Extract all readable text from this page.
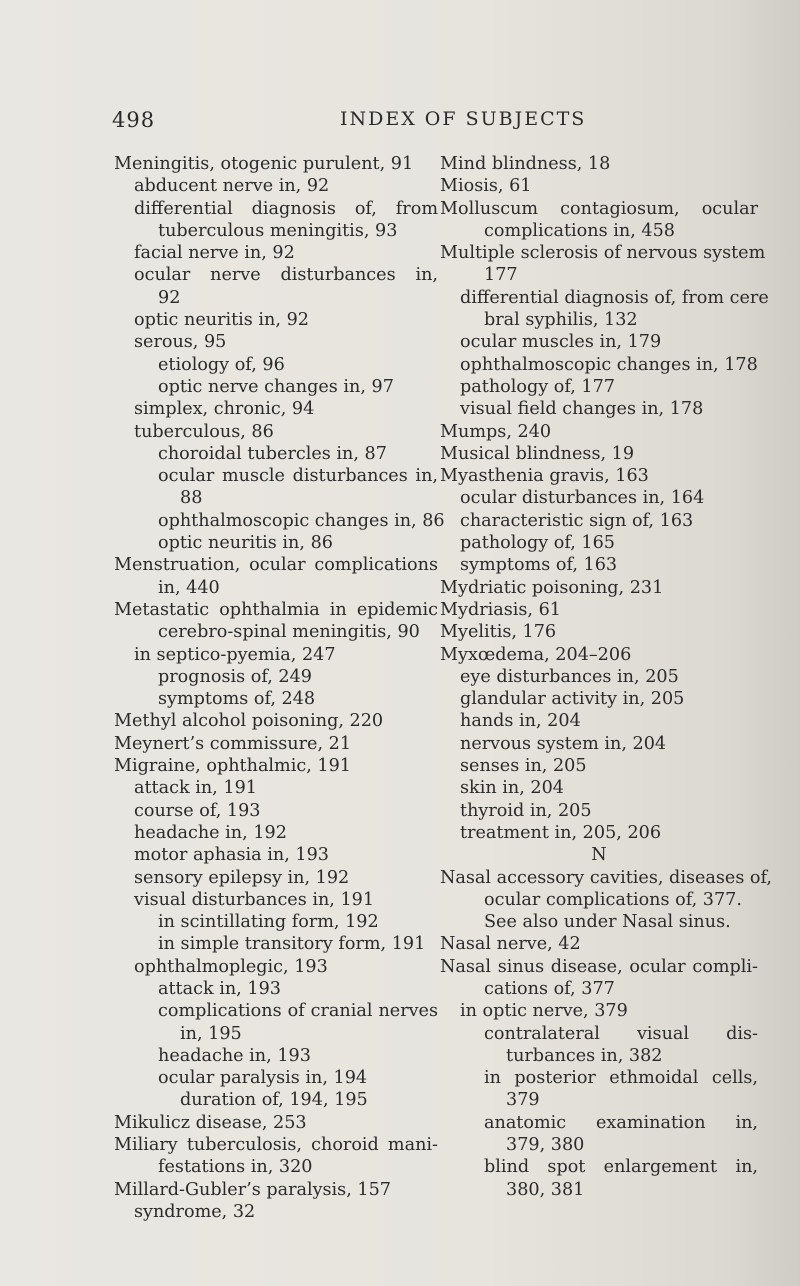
498	INDEX OF SUBJECTS
Meningitis, otogenic purulent, 91
abducent nerve in, 92
differential diagnosis of, from
tuberculous meningitis, 93
facial nerve in, 92
ocular nerve disturbances in,
92
optic neuritis in, 92
serous, 95
etiology of, 96
optic nerve changes in, 97
simplex, chronic, 94
tuberculous, 86
choroidal tubercles in, 87
ocular muscle disturbances in,
88
ophthalmoscopic changes in, 86
optic neuritis in, 86
Menstruation, ocular complications
in, 440
Metastatic ophthalmia in epidemic
cerebro-spinal meningitis, 90
in septico-pyemia, 247
prognosis of, 249
symptoms of, 248
Methyl alcohol poisoning, 220
Meynert’s commissure, 21
Migraine, ophthalmic, 191
attack in, 191
course of, 193
headache in, 192
motor aphasia in, 193
sensory epilepsy in, 192
visual disturbances in, 191
in scintillating form, 192
in simple transitory form, 191
ophthalmoplegic, 193
attack in, 193
complications of cranial nerves
in, 195
headache in, 193
ocular paralysis in, 194
duration of, 194, 195
Mikulicz disease, 253
Miliary tuberculosis, choroid mani-
festations in, 320
Millard-Gubler’s paralysis, 157
syndrome, 32
Mind blindness, 18
Miosis, 61
Molluscum contagiosum, ocular
complications in, 458
Multiple sclerosis of nervous system
177
differential diagnosis of, from cere
bral syphilis, 132
ocular muscles in, 179
ophthalmoscopic changes in, 178
pathology of, 177
visual field changes in, 178
Mumps, 240
Musical blindness, 19
Myasthenia gravis, 163
ocular disturbances in, 164
characteristic sign of, 163
pathology of, 165
symptoms of, 163
Mydriatic poisoning, 231
Mydriasis, 61
Myelitis, 176
Myxœdema, 204–206
eye disturbances in, 205
glandular activity in, 205
hands in, 204
nervous system in, 204
senses in, 205
skin in, 204
thyroid in, 205
treatment in, 205, 206
N
Nasal accessory cavities, diseases of,
ocular complications of, 377.
See also under Nasal sinus.
Nasal nerve, 42
Nasal sinus disease, ocular compli-
cations of, 377
in optic nerve, 379
contralateral visual dis-
turbances in, 382
in posterior ethmoidal cells,
379
anatomic examination in,
379, 380
blind spot enlargement in,
380, 381
